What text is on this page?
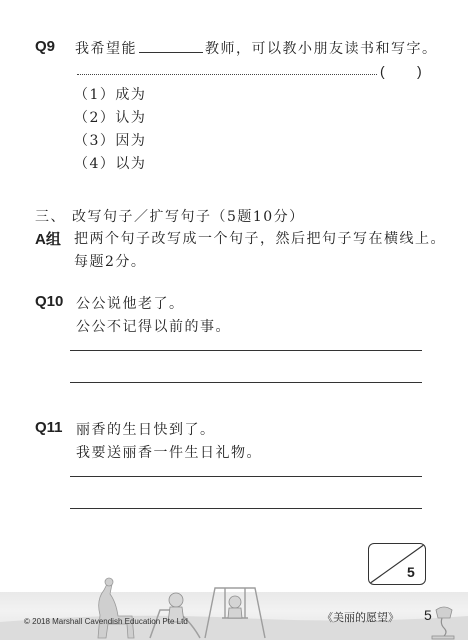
Q9 我希望能	教师，可以教小朋友读书和写字。
( )
（1）成为
（2）认为
（3）因为
（4）以为
三、 改写句子／扩写句子（5题10分）
A组 把两个句子改写成一个句子，然后把句子写在横线上。
每题2分。
Q10 公公说他老了。
公公不记得以前的事。
Q11 丽香的生日快到了。
我要送丽香一件生日礼物。
© 2018 Marshall Cavendish Education Pte Ltd	《美丽的愿望》 5
5
